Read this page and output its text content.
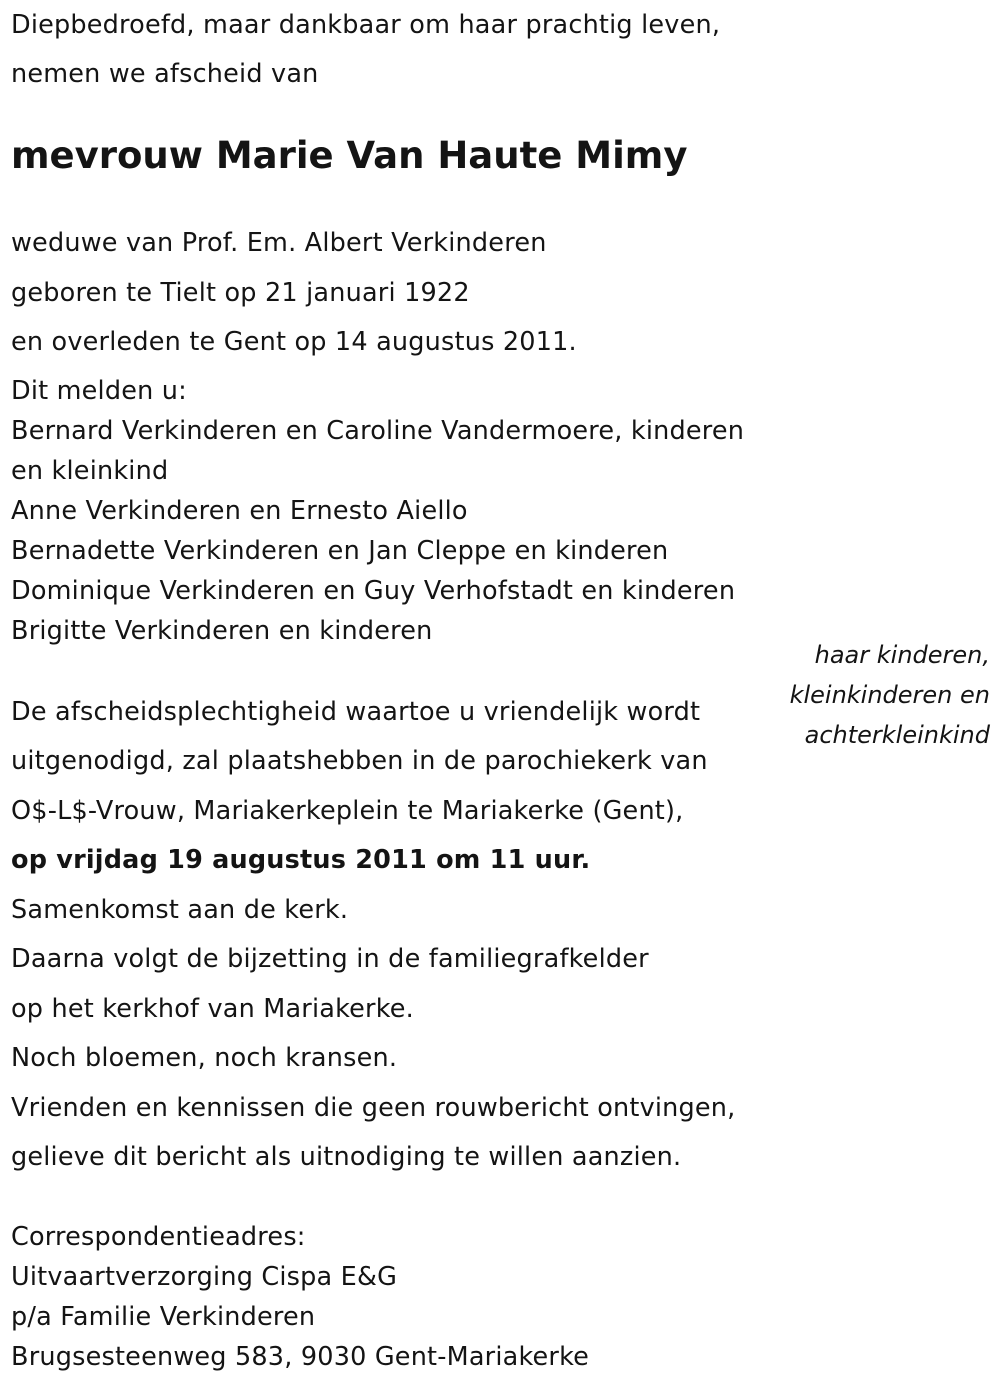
Diepbedroefd, maar dankbaar om haar prachtig leven,
nemen we afscheid van
mevrouw Marie Van Haute Mimy
weduwe van Prof. Em. Albert Verkinderen
geboren te Tielt op 21 januari 1922
en overleden te Gent op 14 augustus 2011.
Dit melden u:
Bernard Verkinderen en Caroline Vandermoere, kinderen
en kleinkind
Anne Verkinderen en Ernesto Aiello
Bernadette Verkinderen en Jan Cleppe en kinderen
Dominique Verkinderen en Guy Verhofstadt en kinderen
Brigitte Verkinderen en kinderen
haar kinderen,
kleinkinderen en
achterkleinkind
De afscheidsplechtigheid waartoe u vriendelijk wordt
uitgenodigd, zal plaatshebben in de parochiekerk van
O$-L$-Vrouw, Mariakerkeplein te Mariakerke (Gent),
op vrijdag 19 augustus 2011 om 11 uur.
Samenkomst aan de kerk.
Daarna volgt de bijzetting in de familiegrafkelder
op het kerkhof van Mariakerke.
Noch bloemen, noch kransen.
Vrienden en kennissen die geen rouwbericht ontvingen,
gelieve dit bericht als uitnodiging te willen aanzien.
Correspondentieadres:
Uitvaartverzorging Cispa E&G
p/a Familie Verkinderen
Brugsesteenweg 583, 9030 Gent-Mariakerke
